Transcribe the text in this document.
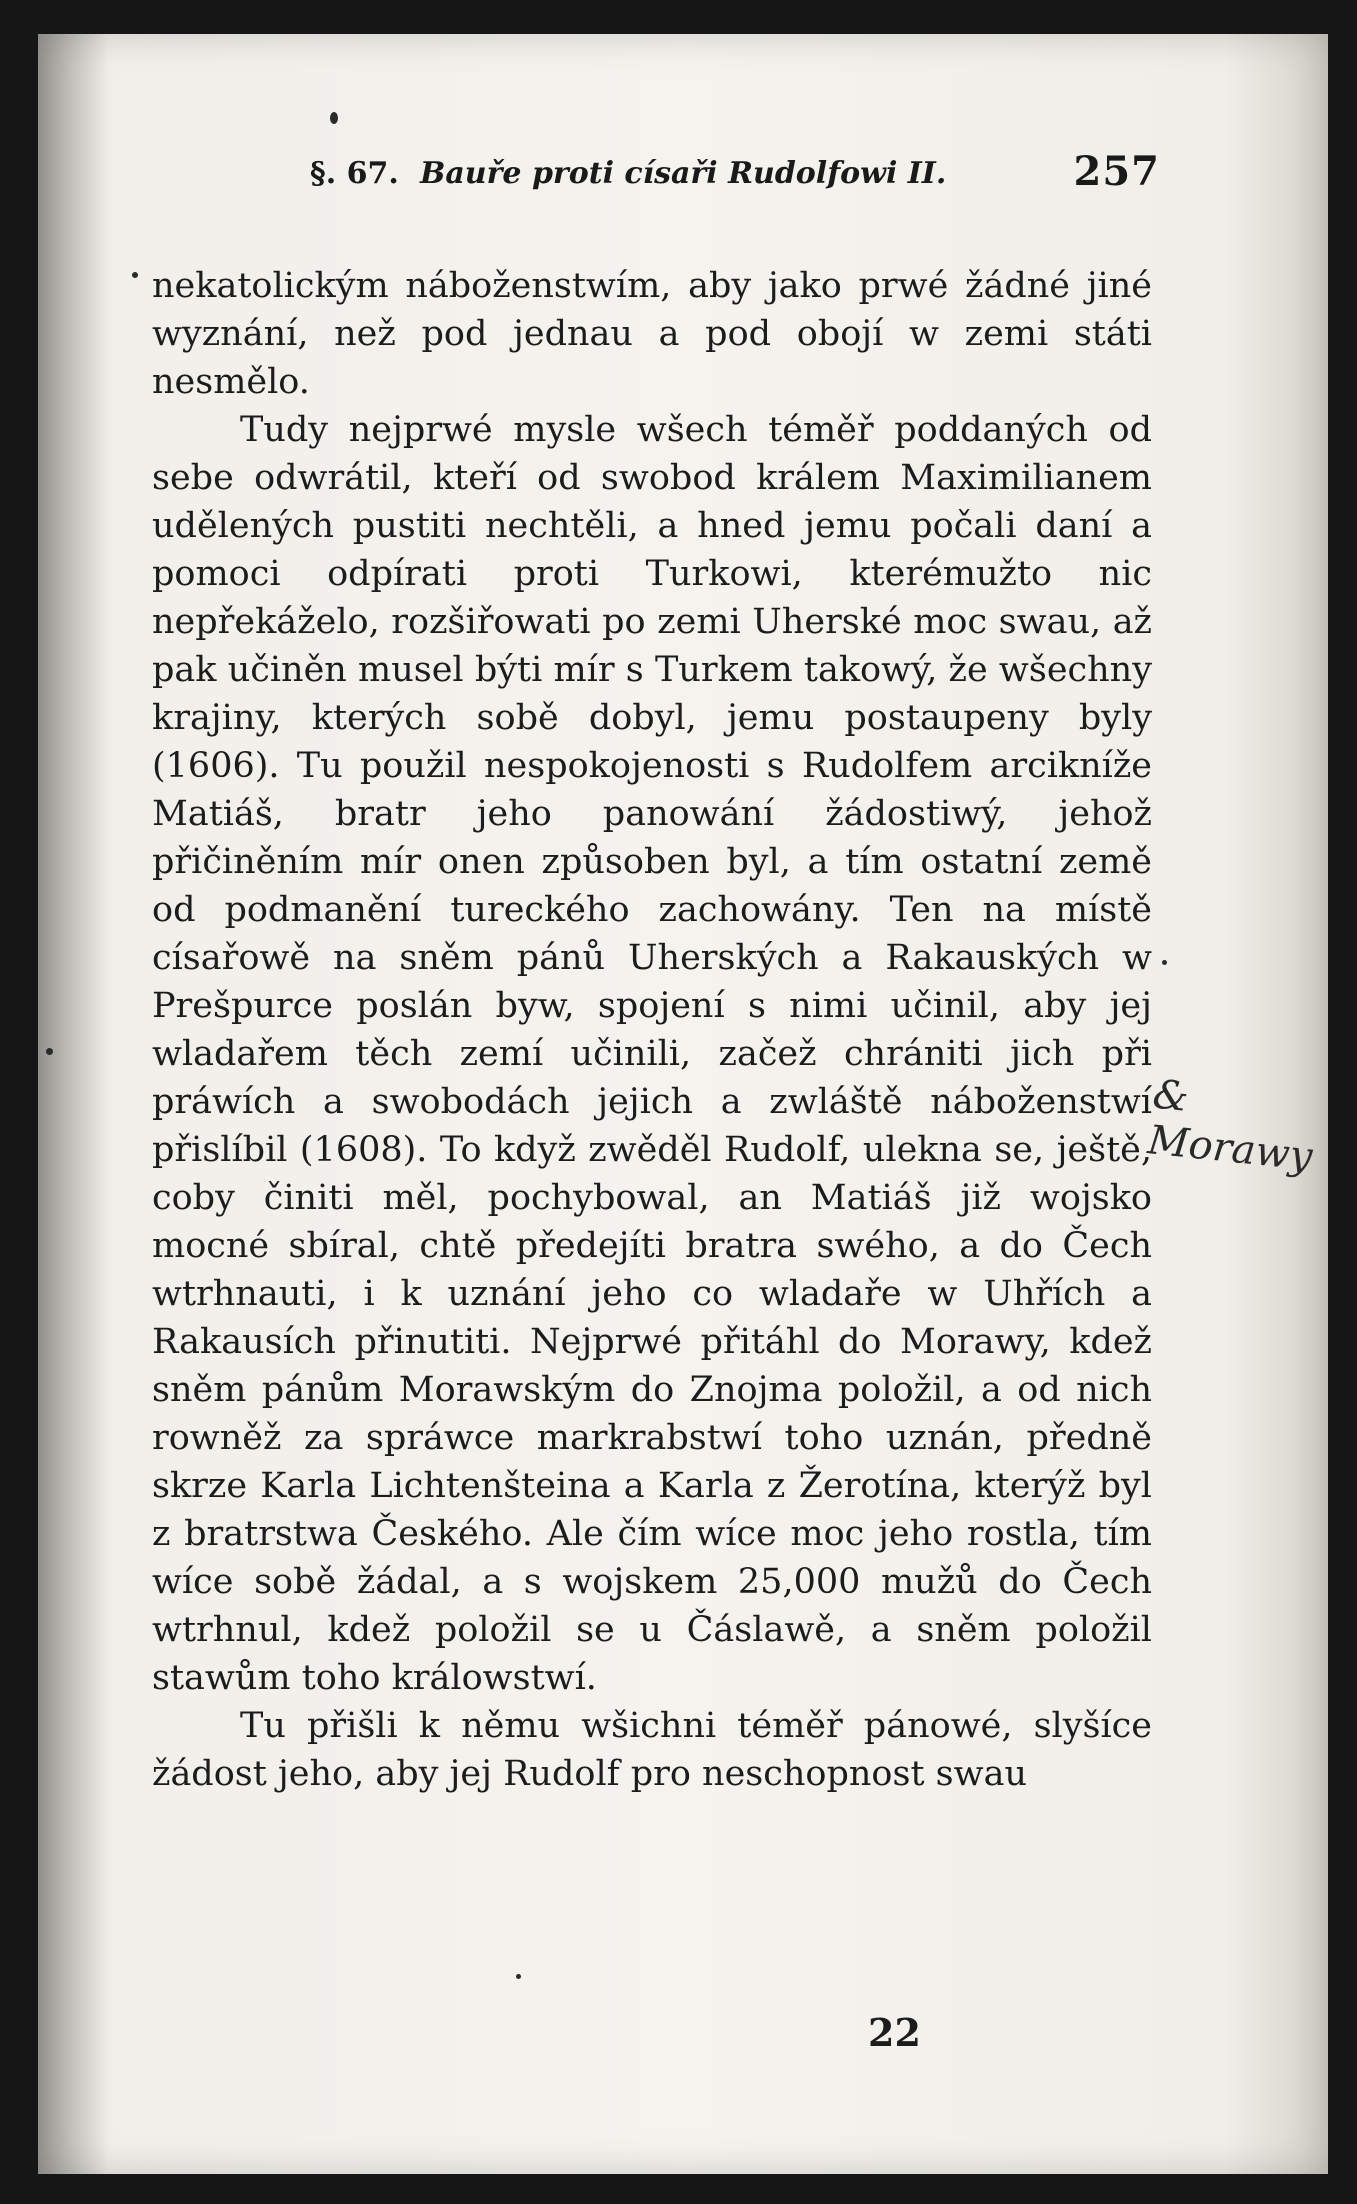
§. 67. Bauře proti císaři Rudolfowi II.	257

nekatolickým náboženstwím, aby jako prwé žádné jiné wyznání, než pod jednau a pod obojí w zemi státi nesmělo.

Tudy nejprwé mysle wšech téměř poddaných od sebe odwrátil, kteří od swobod králem Maximilianem udělených pustiti nechtěli, a hned jemu počali daní a pomoci odpírati proti Turkowi, kterémužto nic nepřekáželo, rozšiřowati po zemi Uherské moc swau, až pak učiněn musel býti mír s Turkem takowý, že wšechny krajiny, kterých sobě dobyl, jemu postaupeny byly (1606). Tu použil nespokojenosti s Rudolfem arcikníže Matiáš, bratr jeho panowání žádostiwý, jehož přičiněním mír onen způsoben byl, a tím ostatní země od podmanění tureckého zachowány. Ten na místě císařowě na sněm pánů Uherských a Rakauských w Prešpurce poslán byw, spojení s nimi učinil, aby jej wladařem těch zemí učinili, začež chrániti jich při práwích a swobodách jejich a zwláště náboženstwí přislíbil (1608). To když zwěděl Rudolf, ulekna se, ještě, coby činiti měl, pochybowal, an Matiáš již wojsko mocné sbíral, chtě předejíti bratra swého, a do Čech wtrhnauti, i k uznání jeho co wladaře w Uhřích a Rakausích přinutiti. Nejprwé přitáhl do Morawy, kdež sněm pánům Morawským do Znojma položil, a od nich rowněž za spráwce markrabstwí toho uznán, předně skrze Karla Lichtenšteina a Karla z Žerotína, kterýž byl z bratrstwa Českého. Ale čím wíce moc jeho rostla, tím wíce sobě žádal, a s wojskem 25,000 mužů do Čech wtrhnul, kdež položil se u Čáslawě, a sněm položil stawům toho králowstwí.

Tu přišli k němu wšichni téměř pánowé, slyšíce žádost jeho, aby jej Rudolf pro neschopnost swau

& Morawy
22
